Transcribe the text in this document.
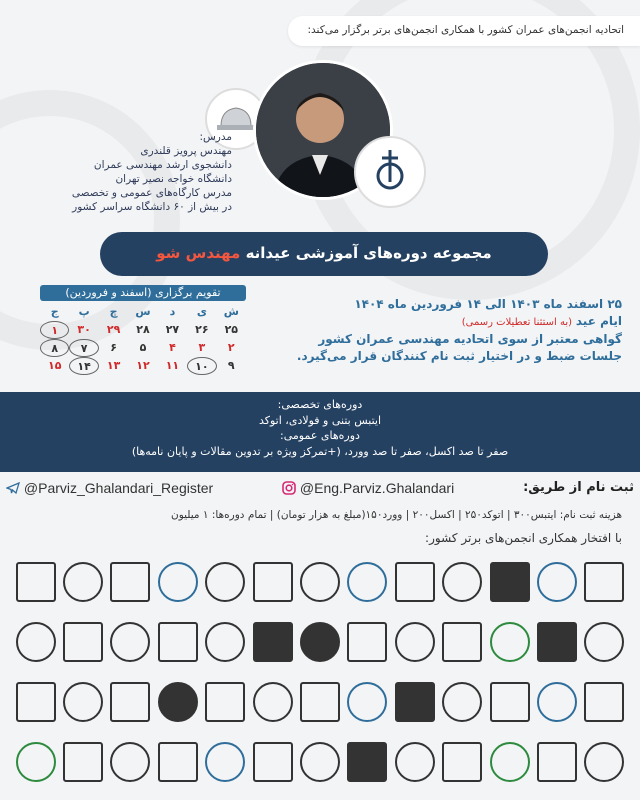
اتحادیه انجمن‌های عمران کشور با همکاری انجمن‌های برتر برگزار می‌کند:
مدرس:
مهندس پرویز قلندری
دانشجوی ارشد مهندسی عمران
دانشگاه خواجه نصیر تهران
مدرس کارگاه‌های عمومی و تخصصی
در بیش از ۶۰ دانشگاه سراسر کشور
مجموعه دوره‌های آموزشی عیدانه مهندس شو
تقویم برگزاری (اسفند و فروردین)
ش
ی
د
س
چ
پ
ج
۲۵
۲۶
۲۷
۲۸
۲۹
۳۰
۱
۲
۳
۴
۵
۶
۷
۸
۹
۱۰
۱۱
۱۲
۱۳
۱۴
۱۵
۲۵ اسفند ماه ۱۴۰۳ الی ۱۴ فروردین ماه ۱۴۰۴
ایام عید (به استثنا تعطیلات رسمی)
گواهی معتبر از سوی اتحادیه مهندسی عمران کشور
جلسات ضبط و در اختیار ثبت نام کنندگان قرار می‌گیرد.
دوره‌های تخصصی:
ایتبس بتنی و فولادی، اتوکد
دوره‌های عمومی:
صفر تا صد اکسل، صفر تا صد وورد، (+تمرکز ویژه بر تدوین مقالات و پایان نامه‌ها)
ثبت نام از طریق:
@Eng.Parviz.Ghalandari
@Parviz_Ghalandari_Register
هزینه ثبت نام: ایتبس۳۰۰ | اتوکد۲۵۰ | اکسل۲۰۰ | وورد۱۵۰(مبلغ به هزار تومان) | تمام دوره‌ها: ۱ میلیون
با افتخار همکاری انجمن‌های برتر کشور:
